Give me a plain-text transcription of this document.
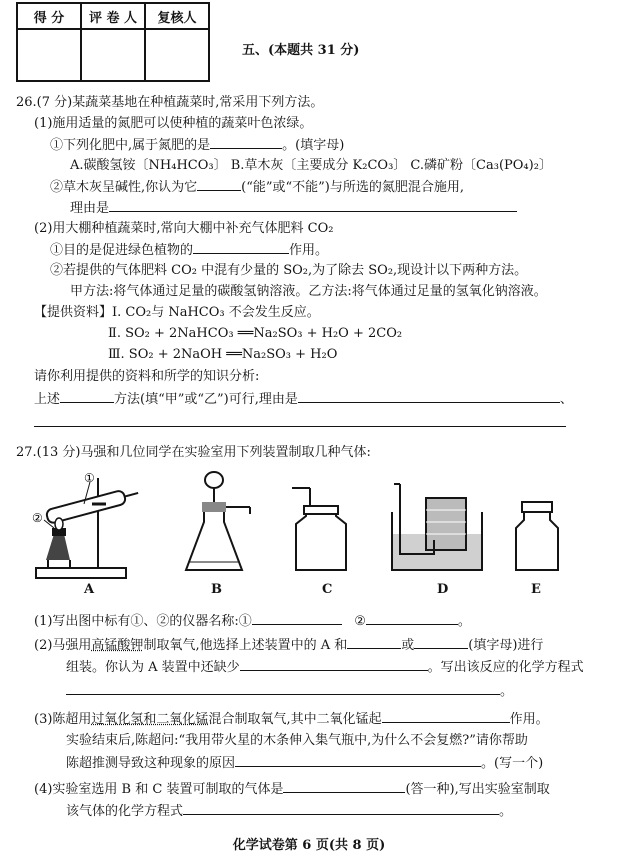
得 分	评 卷 人	复核人

五、(本题共 31 分)
26.(7 分)某蔬菜基地在种植蔬菜时,常采用下列方法。
(1)施用适量的氮肥可以使种植的蔬菜叶色浓绿。
①下列化肥中,属于氮肥的是	。(填字母)
A.碳酸氢铵〔NH₄HCO₃〕 B.草木灰〔主要成分 K₂CO₃〕 C.磷矿粉〔Ca₃(PO₄)₂〕
②草木灰呈碱性,你认为它	(“能”或“不能”)与所选的氮肥混合施用,
理由是
(2)用大棚种植蔬菜时,常向大棚中补充气体肥料 CO₂
①目的是促进绿色植物的	作用。
②若提供的气体肥料 CO₂ 中混有少量的 SO₂,为了除去 SO₂,现设计以下两种方法。
甲方法:将气体通过足量的碳酸氢钠溶液。乙方法:将气体通过足量的氢氧化钠溶液。
【提供资料】Ⅰ. CO₂与 NaHCO₃ 不会发生反应。
Ⅱ. SO₂ + 2NaHCO₃ ══Na₂SO₃ + H₂O + 2CO₂
Ⅲ. SO₂ + 2NaOH ══Na₂SO₃ + H₂O
请你利用提供的资料和所学的知识分析:
上述	方法(填“甲”或“乙”)可行,理由是	、
27.(13 分)马强和几位同学在实验室用下列装置制取几种气体:
①
②
A	B	C	D	E
(1)写出图中标有①、②的仪器名称:①	②	。
(2)马强用高锰酸钾制取氧气,他选择上述装置中的 A 和	或	(填字母)进行
组装。你认为 A 装置中还缺少	。写出该反应的化学方程式
。
(3)陈超用过氧化氢和二氧化锰混合制取氧气,其中二氧化锰起	作用。
实验结束后,陈超问:“我用带火星的木条伸入集气瓶中,为什么不会复燃?”请你帮助
陈超推测导致这种现象的原因	。(写一个)
(4)实验室选用 B 和 C 装置可制取的气体是	(答一种),写出实验室制取
该气体的化学方程式	。
化学试卷第 6 页(共 8 页)
